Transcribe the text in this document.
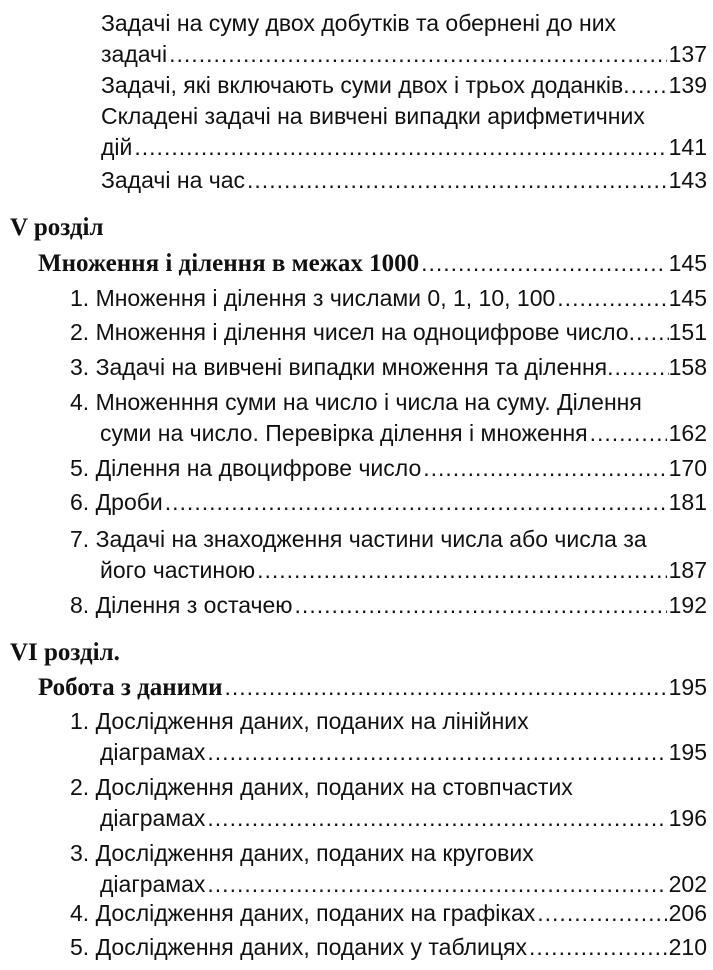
Задачі на суму двох добутків та обернені до них
задачі .....	137
Задачі, які включають суми двох і трьох доданків ..... 139
Складені задачі на вивчені випадки арифметичних
дій .....	141
Задачі на час .....	143
V розділ
Множення і ділення в межах 1000 .....	145
1. Множення і ділення з числами 0, 1, 10, 100 .....	145
2. Множення і ділення чисел на одноцифрове число ..... 151
3. Задачі на вивчені випадки множення та ділення .....	158
4. Множенння суми на число і числа на суму. Ділення
суми на число. Перевірка ділення і множення .....	162
5. Ділення на двоцифрове число .....	170
6. Дроби .....	181
7. Задачі на знаходження частини числа або числа за
його частиною .....	187
8. Ділення з остачею .....	192
VI розділ.
Робота з даними .....	195
1. Дослідження даних, поданих на лінійних
діаграмах .....	195
2. Дослідження даних, поданих на стовпчастих
діаграмах .....	196
3. Дослідження даних, поданих на кругових
діаграмах .....	202
4. Дослідження даних, поданих на графіках .....	206
5. Дослідження даних, поданих у таблицях .....	210
